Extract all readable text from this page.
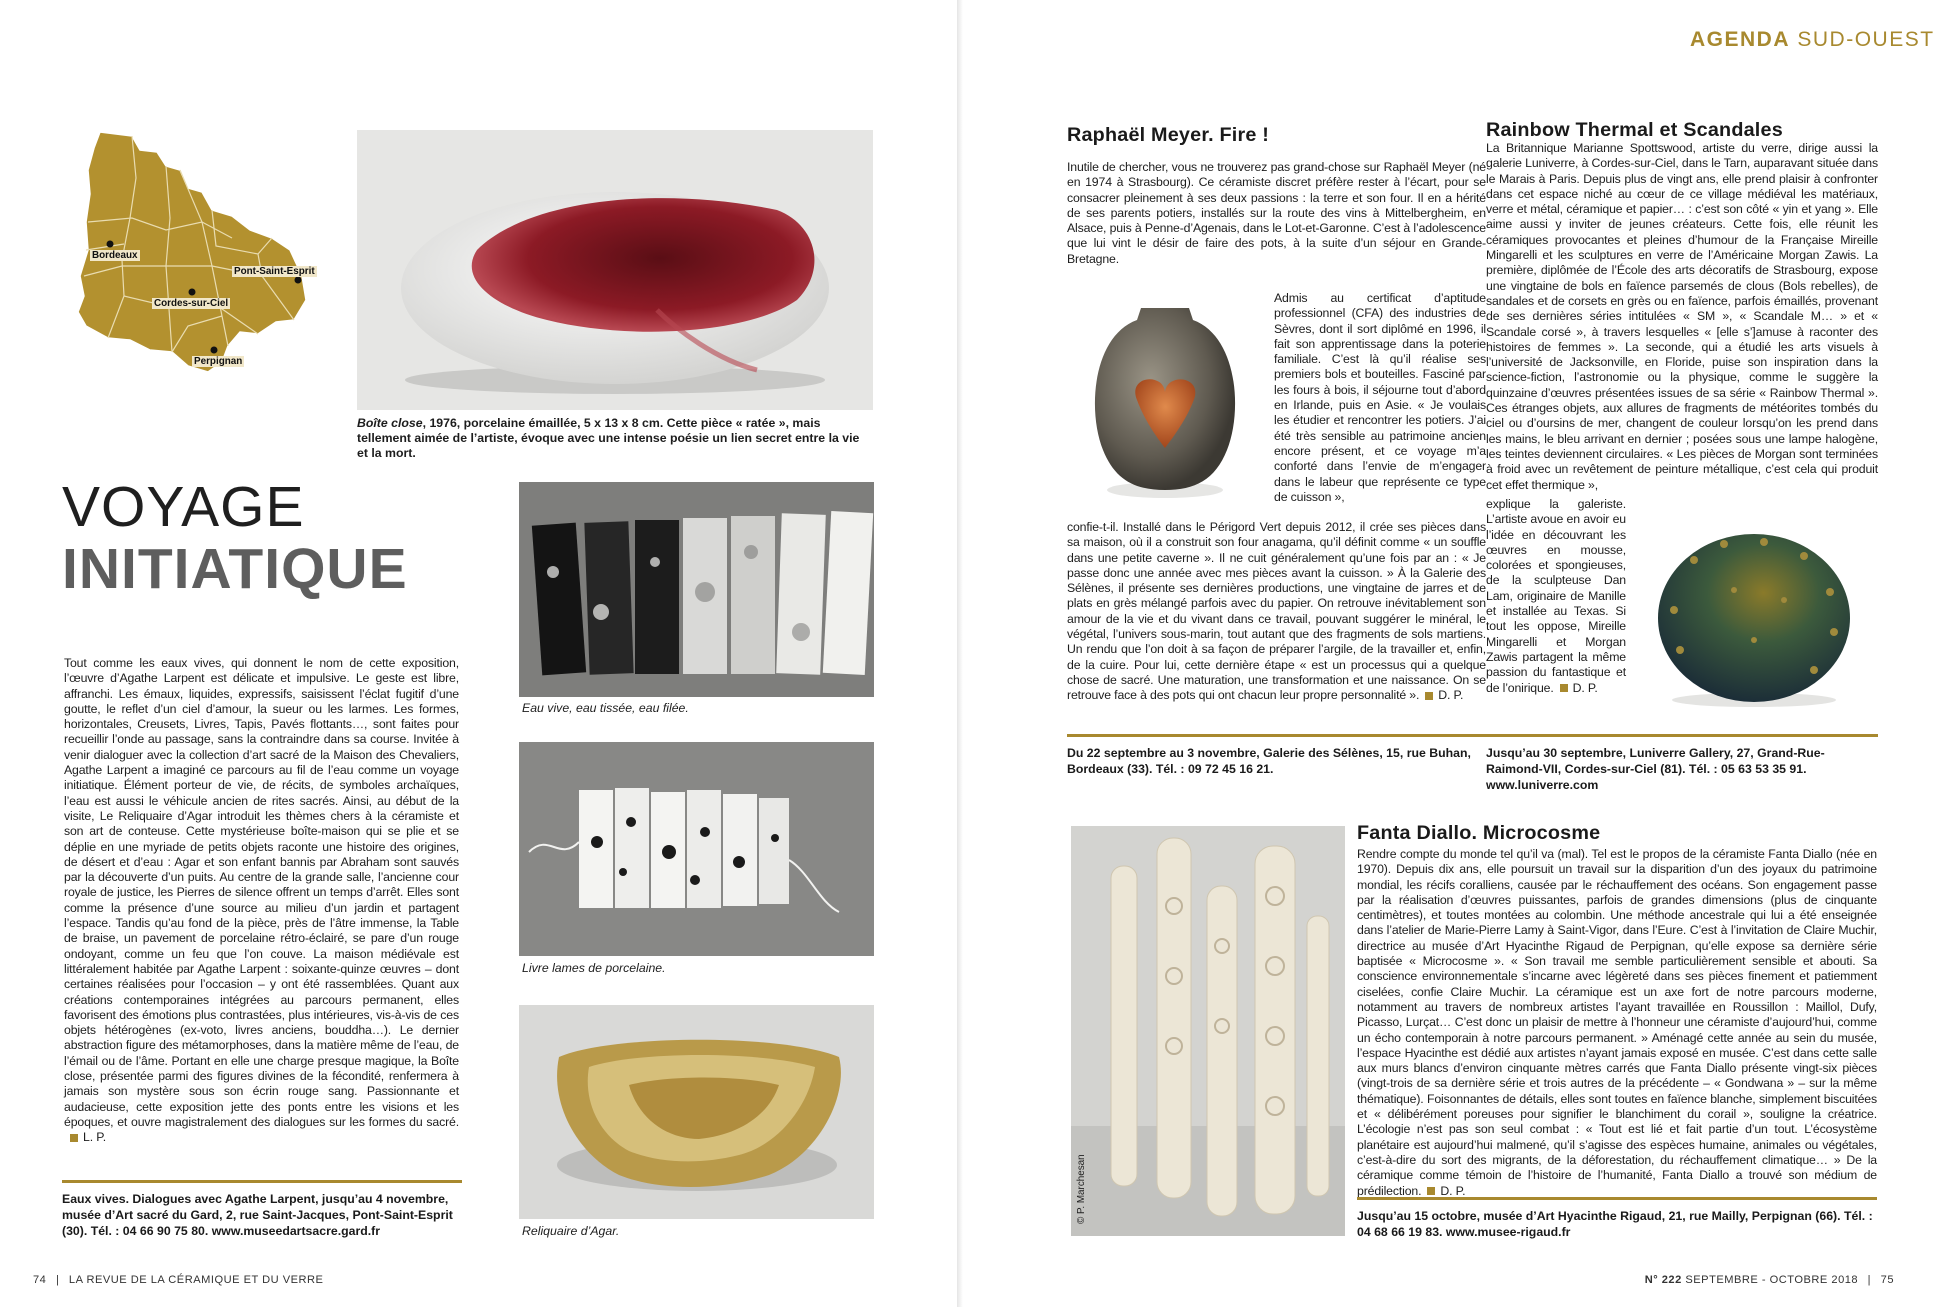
AGENDA SUD-OUEST
Bordeaux
Pont-Saint-Esprit
Cordes-sur-Ciel
Perpignan
Boîte close, 1976, porcelaine émaillée, 5 x 13 x 8 cm. Cette pièce « ratée », mais tellement aimée de l’artiste, évoque avec une intense poésie un lien secret entre la vie et la mort.
VOYAGE
INITIATIQUE

Tout comme les eaux vives, qui donnent le nom de cette exposition, l’œuvre d’Agathe Larpent est délicate et impulsive. Le geste est libre, affranchi. Les émaux, liquides, expressifs, saisissent l’éclat fugitif d’une goutte, le reflet d’un ciel d’amour, la sueur ou les larmes. Les formes, horizontales, Creusets, Livres, Tapis, Pavés flottants…, sont faites pour recueillir l’onde au passage, sans la contraindre dans sa course. Invitée à venir dialoguer avec la collection d’art sacré de la Maison des Chevaliers, Agathe Larpent a imaginé ce parcours au fil de l’eau comme un voyage initiatique. Élément porteur de vie, de récits, de symboles archaïques, l’eau est aussi le véhicule ancien de rites sacrés. Ainsi, au début de la visite, Le Reliquaire d’Agar introduit les thèmes chers à la céramiste et son art de conteuse. Cette mystérieuse boîte-maison qui se plie et se déplie en une myriade de petits objets raconte une histoire des origines, de désert et d’eau : Agar et son enfant bannis par Abraham sont sauvés par la découverte d’un puits. Au centre de la grande salle, l’ancienne cour royale de justice, les Pierres de silence offrent un temps d’arrêt. Elles sont comme la présence d’une source au milieu d’un jardin et partagent l’espace. Tandis qu’au fond de la pièce, près de l’âtre immense, la Table de braise, un pavement de porcelaine rétro-éclairé, se pare d’un rouge ondoyant, comme un feu que l’on couve. La maison médiévale est littéralement habitée par Agathe Larpent : soixante-quinze œuvres – dont certaines réalisées pour l’occasion – y ont été rassemblées. Quant aux créations contemporaines intégrées au parcours permanent, elles favorisent des émotions plus contrastées, plus intérieures, vis-à-vis de ces objets hétérogènes (ex-voto, livres anciens, bouddha…). Le dernier abstraction figure des métamorphoses, dans la matière même de l’eau, de l’émail ou de l’âme. Portant en elle une charge presque magique, la Boîte close, présentée parmi des figures divines de la fécondité, renfermera à jamais son mystère sous son écrin rouge sang. Passionnante et audacieuse, cette exposition jette des ponts entre les visions et les époques, et ouvre magistralement des dialogues sur les formes du sacré.L. P.

Eaux vives. Dialogues avec Agathe Larpent, jusqu’au 4 novembre, musée d’Art sacré du Gard, 2, rue Saint-Jacques, Pont-Saint-Esprit (30). Tél. : 04 66 90 75 80. www.museedartsacre.gard.fr
Eau vive, eau tissée, eau filée.
Livre lames de porcelaine.
Reliquaire d’Agar.
74 | LA REVUE DE LA CÉRAMIQUE ET DU VERRE
Raphaël Meyer. Fire !
Inutile de chercher, vous ne trouverez pas grand-chose sur Raphaël Meyer (né en 1974 à Strasbourg). Ce céramiste discret préfère rester à l’écart, pour se consacrer pleinement à ses deux passions : la terre et son four. Il en a hérité de ses parents potiers, installés sur la route des vins à Mittelbergheim, en Alsace, puis à Penne-d’Agenais, dans le Lot-et-Garonne. C’est à l’adolescence que lui vint le désir de faire des pots, à la suite d’un séjour en Grande-Bretagne.
Admis au certificat d’aptitude professionnel (CFA) des industries de Sèvres, dont il sort diplômé en 1996, il fait son apprentissage dans la poterie familiale. C’est là qu’il réalise ses premiers bols et bouteilles. Fasciné par les fours à bois, il séjourne tout d’abord en Irlande, puis en Asie. « Je voulais les étudier et rencontrer les potiers. J’ai été très sensible au patrimoine ancien encore présent, et ce voyage m’a conforté dans l’envie de m’engager dans le labeur que représente ce type de cuisson »,

confie-t-il. Installé dans le Périgord Vert depuis 2012, il crée ses pièces dans sa maison, où il a construit son four anagama, qu’il définit comme « un souffle dans une petite caverne ». Il ne cuit généralement qu’une fois par an : « Je passe donc une année avec mes pièces avant la cuisson. » À la Galerie des Sélènes, il présente ses dernières productions, une vingtaine de jarres et de plats en grès mélangé parfois avec du papier. On retrouve inévitablement son amour de la vie et du vivant dans ce travail, pouvant suggérer le minéral, le végétal, l’univers sous-marin, tout autant que des fragments de sols martiens. Un rendu que l’on doit à sa façon de préparer l’argile, de la travailler et, enfin, de la cuire. Pour lui, cette dernière étape « est un processus qui a quelque chose de sacré. Une maturation, une transformation et une naissance. On se retrouve face à des pots qui ont chacun leur propre personnalité ». D. P.

Du 22 septembre au 3 novembre, Galerie des Sélènes, 15, rue Buhan, Bordeaux (33). Tél. : 09 72 45 16 21.
Rainbow Thermal et Scandales
La Britannique Marianne Spottswood, artiste du verre, dirige aussi la galerie Luniverre, à Cordes-sur-Ciel, dans le Tarn, auparavant située dans le Marais à Paris. Depuis plus de vingt ans, elle prend plaisir à confronter dans cet espace niché au cœur de ce village médiéval les matériaux, verre et métal, céramique et papier… : c’est son côté « yin et yang ». Elle aime aussi y inviter de jeunes créateurs. Cette fois, elle réunit les céramiques provocantes et pleines d’humour de la Française Mireille Mingarelli et les sculptures en verre de l’Américaine Morgan Zawis. La première, diplômée de l’École des arts décoratifs de Strasbourg, expose une vingtaine de bols en faïence parsemés de clous (Bols rebelles), de sandales et de corsets en grès ou en faïence, parfois émaillés, provenant de ses dernières séries intitulées « SM », « Scandale M… » et « Scandale corsé », à travers lesquelles « [elle s’]amuse à raconter des histoires de femmes ». La seconde, qui a étudié les arts visuels à l’université de Jacksonville, en Floride, puise son inspiration dans la science-fiction, l’astronomie ou la physique, comme le suggère la quinzaine d’œuvres présentées issues de sa série « Rainbow Thermal ». Ces étranges objets, aux allures de fragments de météorites tombés du ciel ou d’oursins de mer, changent de couleur lorsqu’on les prend dans les mains, le bleu arrivant en dernier ; posées sous une lampe halogène, les teintes deviennent circulaires. « Les pièces de Morgan sont terminées à froid avec un revêtement de peinture métallique, c’est cela qui produit cet effet thermique »,

explique la galeriste. L’artiste avoue en avoir eu l’idée en découvrant les œuvres en mousse, colorées et spongieuses, de la sculpteuse Dan Lam, originaire de Manille et installée au Texas. Si tout les oppose, Mireille Mingarelli et Morgan Zawis partagent la même passion du fantastique et de l’onirique. D. P.

Jusqu’au 30 septembre, Luniverre Gallery, 27, Grand-Rue-Raimond-VII, Cordes-sur-Ciel (81). Tél. : 05 63 53 35 91. www.luniverre.com
© P. Marchesan
Fanta Diallo. Microcosme

Rendre compte du monde tel qu’il va (mal). Tel est le propos de la céramiste Fanta Diallo (née en 1970). Depuis dix ans, elle poursuit un travail sur la disparition d’un des joyaux du patrimoine mondial, les récifs coralliens, causée par le réchauffement des océans. Son engagement passe par la réalisation d’œuvres puissantes, parfois de grandes dimensions (plus de cinquante centimètres), et toutes montées au colombin. Une méthode ancestrale qui lui a été enseignée dans l’atelier de Marie-Pierre Lamy à Saint-Vigor, dans l’Eure. C’est à l’invitation de Claire Muchir, directrice au musée d’Art Hyacinthe Rigaud de Perpignan, qu’elle expose sa dernière série baptisée « Microcosme ». « Son travail me semble particulièrement sensible et abouti. Sa conscience environnementale s’incarne avec légèreté dans ses pièces finement et patiemment ciselées, confie Claire Muchir. La céramique est un axe fort de notre parcours moderne, notamment au travers de nombreux artistes l’ayant travaillée en Roussillon : Maillol, Dufy, Picasso, Lurçat… C’est donc un plaisir de mettre à l’honneur une céramiste d’aujourd’hui, comme un écho contemporain à notre parcours permanent. » Aménagé cette année au sein du musée, l’espace Hyacinthe est dédié aux artistes n’ayant jamais exposé en musée. C’est dans cette salle aux murs blancs d’environ cinquante mètres carrés que Fanta Diallo présente vingt-six pièces (vingt-trois de sa dernière série et trois autres de la précédente – « Gondwana » – sur la même thématique). Foisonnantes de détails, elles sont toutes en faïence blanche, simplement biscuitées et « délibérément poreuses pour signifier le blanchiment du corail », souligne la créatrice. L’écologie n’est pas son seul combat : « Tout est lié et fait partie d’un tout. L’écosystème planétaire est aujourd’hui malmené, qu’il s’agisse des espèces humaine, animales ou végétales, c’est-à-dire du sort des migrants, de la déforestation, du réchauffement climatique… » De la céramique comme témoin de l’histoire de l’humanité, Fanta Diallo a trouvé son médium de prédilection. D. P.

Jusqu’au 15 octobre, musée d’Art Hyacinthe Rigaud, 21, rue Mailly, Perpignan (66). Tél. : 04 68 66 19 83. www.musee-rigaud.fr
N° 222 SEPTEMBRE - OCTOBRE 2018 | 75
